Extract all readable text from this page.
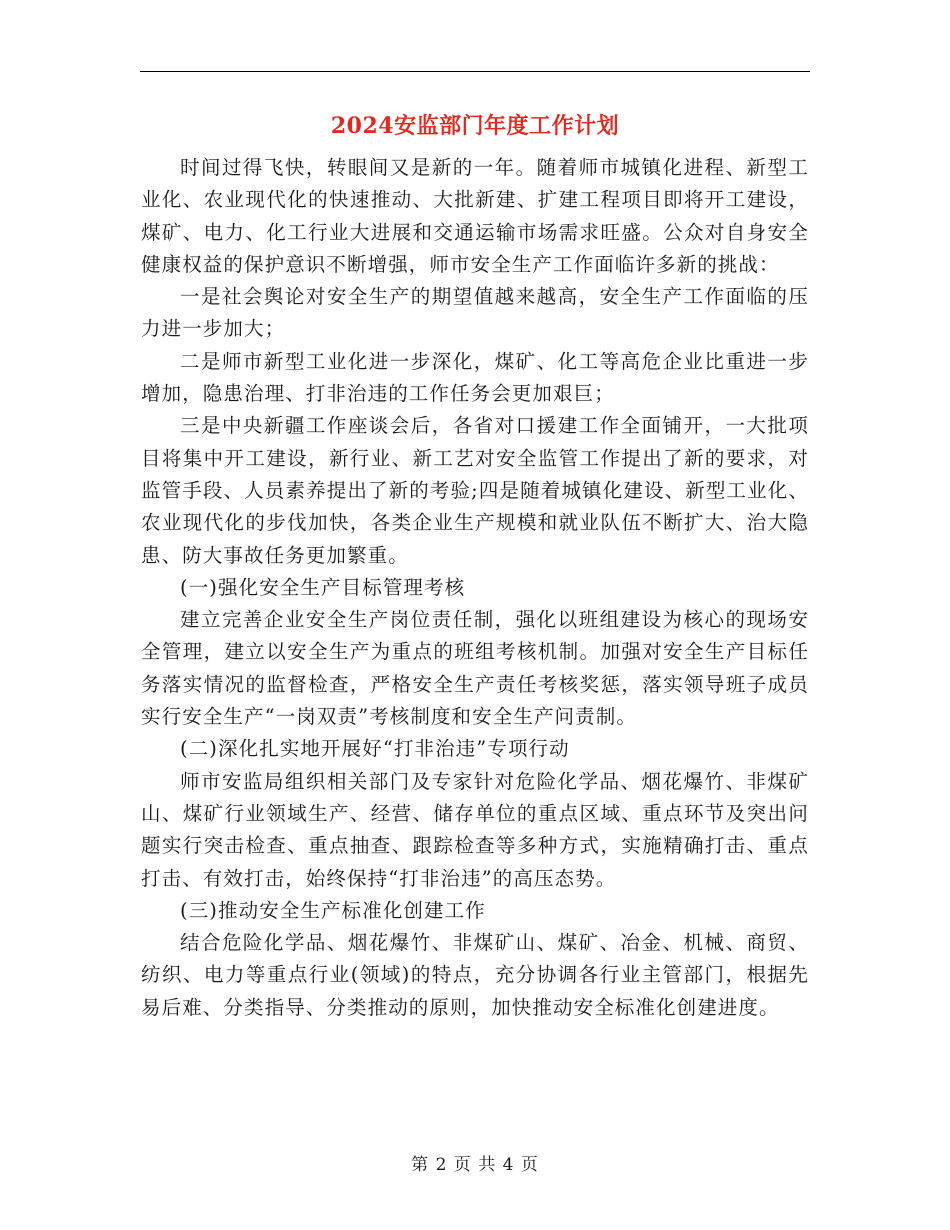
2024安监部门年度工作计划

时间过得飞快，转眼间又是新的一年。随着师市城镇化进程、新型工业化、农业现代化的快速推动、大批新建、扩建工程项目即将开工建设，煤矿、电力、化工行业大进展和交通运输市场需求旺盛。公众对自身安全健康权益的保护意识不断增强，师市安全生产工作面临许多新的挑战：

一是社会舆论对安全生产的期望值越来越高，安全生产工作面临的压力进一步加大；

二是师市新型工业化进一步深化，煤矿、化工等高危企业比重进一步增加，隐患治理、打非治违的工作任务会更加艰巨；

三是中央新疆工作座谈会后，各省对口援建工作全面铺开，一大批项目将集中开工建设，新行业、新工艺对安全监管工作提出了新的要求，对监管手段、人员素养提出了新的考验;四是随着城镇化建设、新型工业化、农业现代化的步伐加快，各类企业生产规模和就业队伍不断扩大、治大隐患、防大事故任务更加繁重。

(一)强化安全生产目标管理考核

建立完善企业安全生产岗位责任制，强化以班组建设为核心的现场安全管理，建立以安全生产为重点的班组考核机制。加强对安全生产目标任务落实情况的监督检查，严格安全生产责任考核奖惩，落实领导班子成员实行安全生产“一岗双责”考核制度和安全生产问责制。

(二)深化扎实地开展好“打非治违”专项行动

师市安监局组织相关部门及专家针对危险化学品、烟花爆竹、非煤矿山、煤矿行业领域生产、经营、储存单位的重点区域、重点环节及突出问题实行突击检查、重点抽查、跟踪检查等多种方式，实施精确打击、重点打击、有效打击，始终保持“打非治违”的高压态势。

(三)推动安全生产标准化创建工作

结合危险化学品、烟花爆竹、非煤矿山、煤矿、冶金、机械、商贸、纺织、电力等重点行业(领域)的特点，充分协调各行业主管部门，根据先易后难、分类指导、分类推动的原则，加快推动安全标准化创建进度。

第 2 页 共 4 页
